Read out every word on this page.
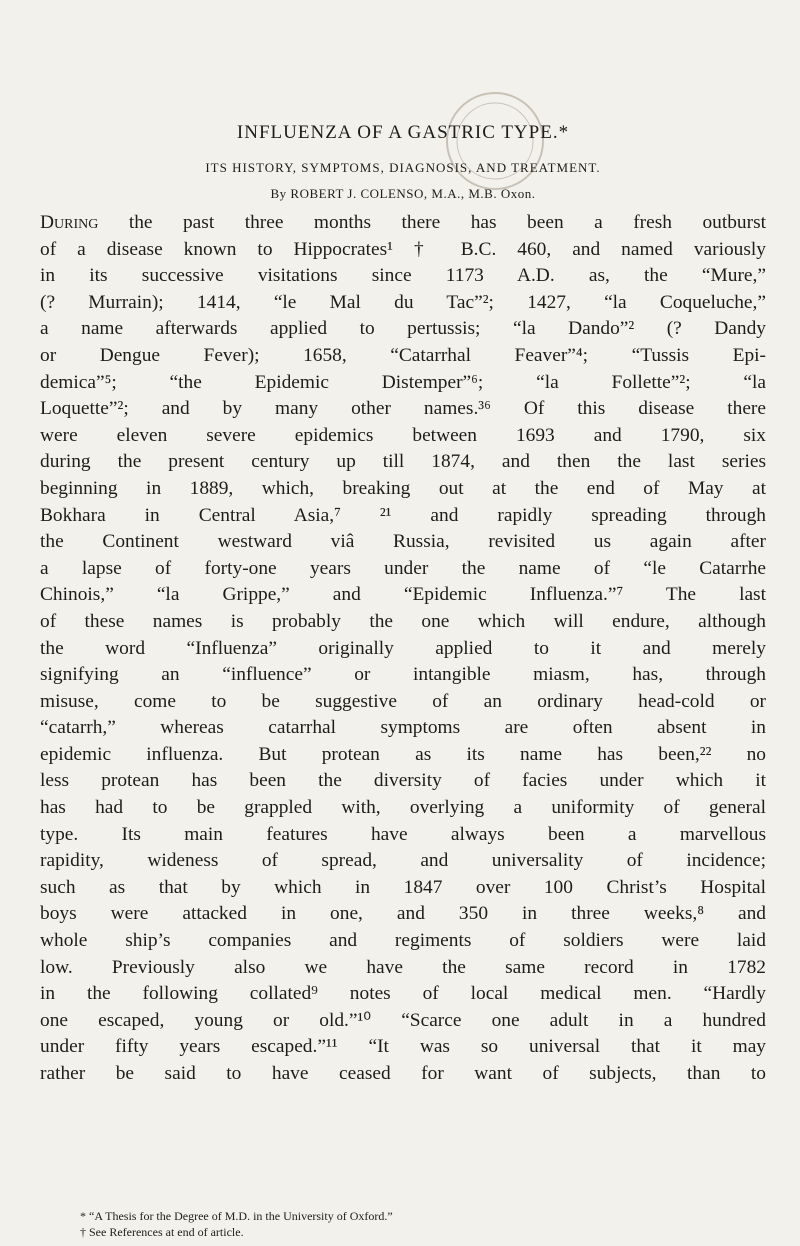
INFLUENZA OF A GASTRIC TYPE.*
ITS HISTORY, SYMPTOMS, DIAGNOSIS, AND TREATMENT.
By ROBERT J. COLENSO, M.A., M.B. Oxon.
During the past three months there has been a fresh outburst
of a disease known to Hippocrates¹ † B.C. 460, and named variously
in its successive visitations since 1173 A.D. as, the “Mure,”
(? Murrain); 1414, “le Mal du Tac”²; 1427, “la Coqueluche,”
a name afterwards applied to pertussis; “la Dando”² (? Dandy
or Dengue Fever); 1658, “Catarrhal Feaver”⁴; “Tussis Epi-
demica”⁵; “the Epidemic Distemper”⁶; “la Follette”²; “la
Loquette”²; and by many other names.³⁶ Of this disease there
were eleven severe epidemics between 1693 and 1790, six
during the present century up till 1874, and then the last series
beginning in 1889, which, breaking out at the end of May at
Bokhara in Central Asia,⁷ ²¹ and rapidly spreading through
the Continent westward viâ Russia, revisited us again after
a lapse of forty-one years under the name of “le Catarrhe
Chinois,” “la Grippe,” and “Epidemic Influenza.”⁷ The last
of these names is probably the one which will endure, although
the word “Influenza” originally applied to it and merely
signifying an “influence” or intangible miasm, has, through
misuse, come to be suggestive of an ordinary head-cold or
“catarrh,” whereas catarrhal symptoms are often absent in
epidemic influenza. But protean as its name has been,²² no
less protean has been the diversity of facies under which it
has had to be grappled with, overlying a uniformity of general
type. Its main features have always been a marvellous
rapidity, wideness of spread, and universality of incidence;
such as that by which in 1847 over 100 Christ’s Hospital
boys were attacked in one, and 350 in three weeks,⁸ and
whole ship’s companies and regiments of soldiers were laid
low. Previously also we have the same record in 1782
in the following collated⁹ notes of local medical men. “Hardly
one escaped, young or old.”¹⁰ “Scarce one adult in a hundred
under fifty years escaped.”¹¹ “It was so universal that it may
rather be said to have ceased for want of subjects, than to
* “A Thesis for the Degree of M.D. in the University of Oxford.”
† See References at end of article.
